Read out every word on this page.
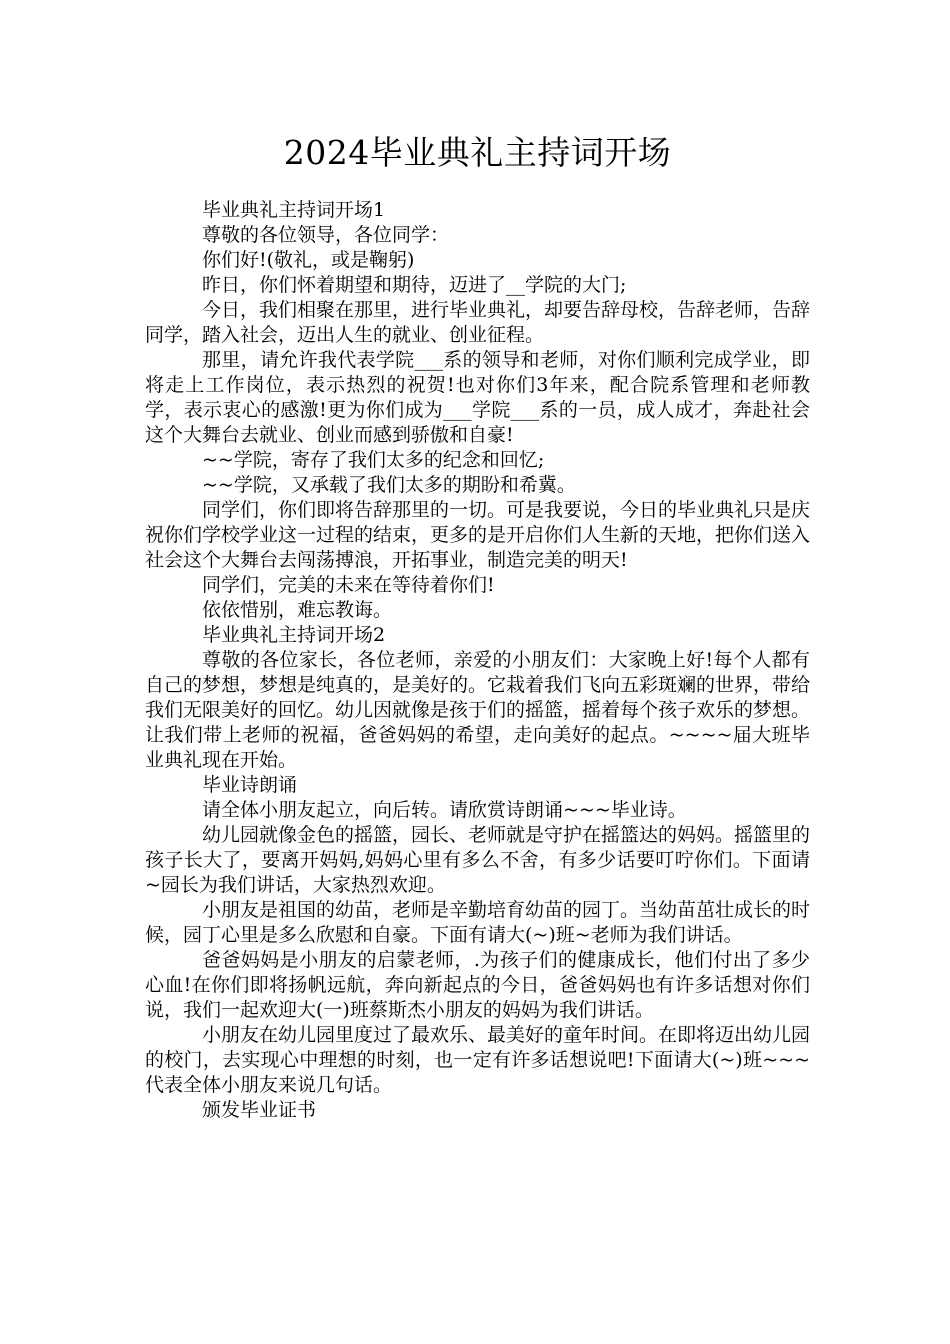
2024毕业典礼主持词开场

毕业典礼主持词开场1

尊敬的各位领导，各位同学：

你们好!(敬礼，或是鞠躬)

昨日，你们怀着期望和期待，迈进了__学院的大门;

今日，我们相聚在那里，进行毕业典礼，却要告辞母校，告辞老师，告辞同学，踏入社会，迈出人生的就业、创业征程。

那里，请允许我代表学院___系的领导和老师，对你们顺利完成学业，即将走上工作岗位，表示热烈的祝贺!也对你们3年来，配合院系管理和老师教学，表示衷心的感激!更为你们成为___学院___系的一员，成人成才，奔赴社会这个大舞台去就业、创业而感到骄傲和自豪!

~~学院，寄存了我们太多的纪念和回忆;

~~学院，又承载了我们太多的期盼和希冀。

同学们，你们即将告辞那里的一切。可是我要说，今日的毕业典礼只是庆祝你们学校学业这一过程的结束，更多的是开启你们人生新的天地，把你们送入社会这个大舞台去闯荡搏浪，开拓事业，制造完美的明天!

同学们，完美的未来在等待着你们!

依依惜别，难忘教诲。

毕业典礼主持词开场2

尊敬的各位家长，各位老师，亲爱的小朋友们：大家晚上好!每个人都有自己的梦想，梦想是纯真的，是美好的。它栽着我们飞向五彩斑斓的世界，带给我们无限美好的回忆。幼儿因就像是孩于们的摇篮，摇着每个孩子欢乐的梦想。让我们带上老师的祝福，爸爸妈妈的希望，走向美好的起点。~~~~届大班毕业典礼现在开始。

毕业诗朗诵

请全体小朋友起立，向后转。请欣赏诗朗诵~~~毕业诗。

幼儿园就像金色的摇篮，园长、老师就是守护在摇篮达的妈妈。摇篮里的孩子长大了，要离开妈妈,妈妈心里有多么不舍，有多少话要叮咛你们。下面请~园长为我们讲话，大家热烈欢迎。

小朋友是祖国的幼苗，老师是辛勤培育幼苗的园丁。当幼苗茁壮成长的时候，园丁心里是多么欣慰和自豪。下面有请大(~)班~老师为我们讲话。

爸爸妈妈是小朋友的启蒙老师，.为孩子们的健康成长，他们付出了多少心血!在你们即将扬帆远航，奔向新起点的今日，爸爸妈妈也有许多话想对你们说，我们一起欢迎大(一)班蔡斯杰小朋友的妈妈为我们讲话。

小朋友在幼儿园里度过了最欢乐、最美好的童年时间。在即将迈出幼儿园的校门，去实现心中理想的时刻，也一定有许多话想说吧!下面请大(~)班~~~代表全体小朋友来说几句话。

颁发毕业证书
